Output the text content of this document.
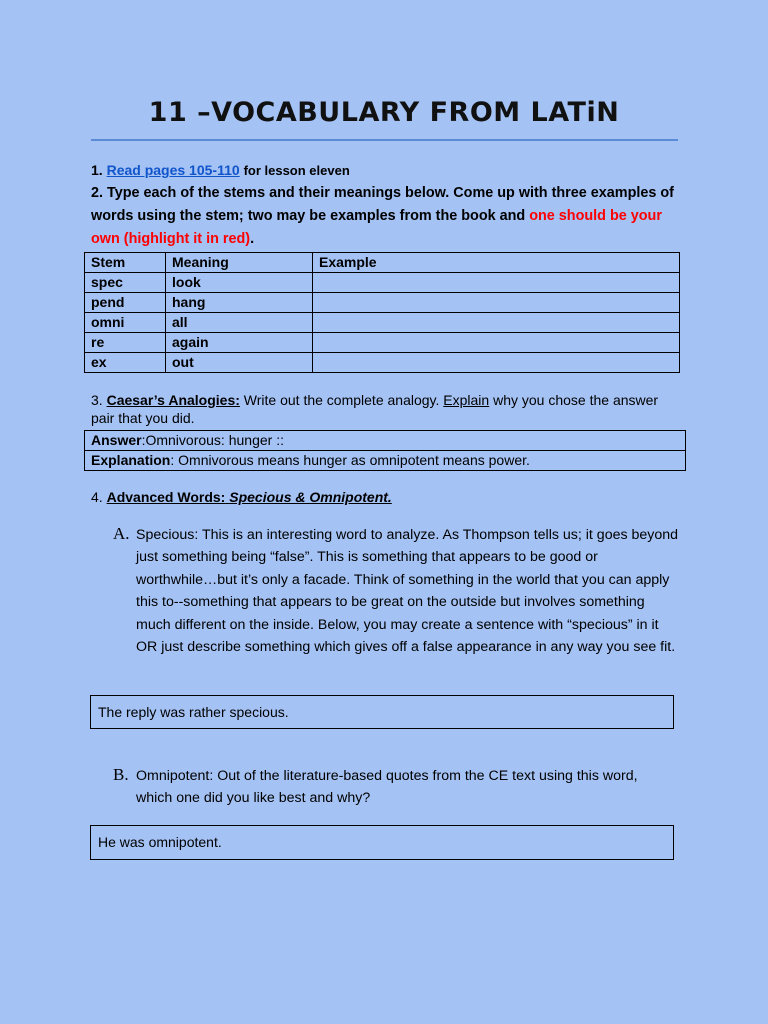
11 –VOCABULARY FROM LATiN
1. Read pages 105-110 for lesson eleven
2. Type each of the stems and their meanings below. Come up with three examples of words using the stem; two may be examples from the book and one should be your own (highlight it in red).
Stem	Meaning	Example
spec	look	
pend	hang	
omni	all	
re	again	
ex	out	
3. Caesar’s Analogies: Write out the complete analogy. Explain why you chose the answer pair that you did.
Answer:Omnivorous: hunger ::
Explanation: Omnivorous means hunger as omnipotent means power.
4. Advanced Words: Specious & Omnipotent.
A. Specious: This is an interesting word to analyze. As Thompson tells us; it goes beyond just something being “false”. This is something that appears to be good or worthwhile…but it’s only a facade. Think of something in the world that you can apply this to--something that appears to be great on the outside but involves something much different on the inside. Below, you may create a sentence with “specious” in it OR just describe something which gives off a false appearance in any way you see fit.
The reply was rather specious.
B. Omnipotent: Out of the literature-based quotes from the CE text using this word, which one did you like best and why?
He was omnipotent.
